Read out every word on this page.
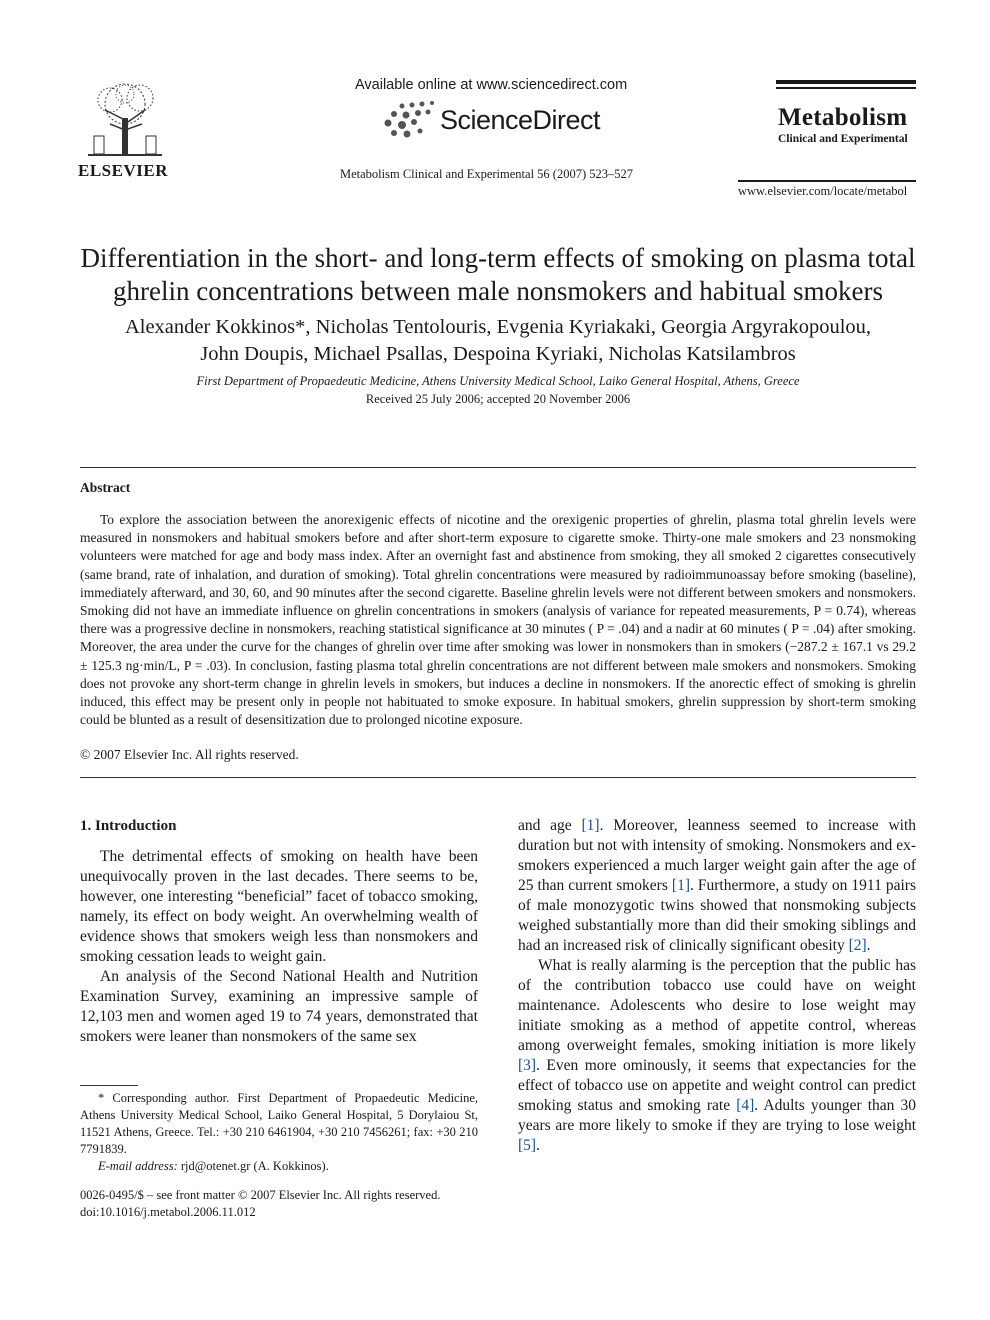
ELSEVIER
Available online at www.sciencedirect.com
ScienceDirect
Metabolism Clinical and Experimental 56 (2007) 523–527
Metabolism
Clinical and Experimental
www.elsevier.com/locate/metabol
Differentiation in the short- and long-term effects of smoking on plasma total ghrelin concentrations between male nonsmokers and habitual smokers
Alexander Kokkinos*, Nicholas Tentolouris, Evgenia Kyriakaki, Georgia Argyrakopoulou,
John Doupis, Michael Psallas, Despoina Kyriaki, Nicholas Katsilambros
First Department of Propaedeutic Medicine, Athens University Medical School, Laiko General Hospital, Athens, Greece
Received 25 July 2006; accepted 20 November 2006
Abstract

To explore the association between the anorexigenic effects of nicotine and the orexigenic properties of ghrelin, plasma total ghrelin levels were measured in nonsmokers and habitual smokers before and after short-term exposure to cigarette smoke. Thirty-one male smokers and 23 nonsmoking volunteers were matched for age and body mass index. After an overnight fast and abstinence from smoking, they all smoked 2 cigarettes consecutively (same brand, rate of inhalation, and duration of smoking). Total ghrelin concentrations were measured by radioimmunoassay before smoking (baseline), immediately afterward, and 30, 60, and 90 minutes after the second cigarette. Baseline ghrelin levels were not different between smokers and nonsmokers. Smoking did not have an immediate influence on ghrelin concentrations in smokers (analysis of variance for repeated measurements, P = 0.74), whereas there was a progressive decline in nonsmokers, reaching statistical significance at 30 minutes ( P = .04) and a nadir at 60 minutes ( P = .04) after smoking. Moreover, the area under the curve for the changes of ghrelin over time after smoking was lower in nonsmokers than in smokers (−287.2 ± 167.1 vs 29.2 ± 125.3 ng·min/L, P = .03). In conclusion, fasting plasma total ghrelin concentrations are not different between male smokers and nonsmokers. Smoking does not provoke any short-term change in ghrelin levels in smokers, but induces a decline in nonsmokers. If the anorectic effect of smoking is ghrelin induced, this effect may be present only in people not habituated to smoke exposure. In habitual smokers, ghrelin suppression by short-term smoking could be blunted as a result of desensitization due to prolonged nicotine exposure.

© 2007 Elsevier Inc. All rights reserved.
1. Introduction

The detrimental effects of smoking on health have been unequivocally proven in the last decades. There seems to be, however, one interesting “beneficial” facet of tobacco smoking, namely, its effect on body weight. An overwhelming wealth of evidence shows that smokers weigh less than nonsmokers and smoking cessation leads to weight gain.

An analysis of the Second National Health and Nutrition Examination Survey, examining an impressive sample of 12,103 men and women aged 19 to 74 years, demonstrated that smokers were leaner than nonsmokers of the same sex

* Corresponding author. First Department of Propaedeutic Medicine, Athens University Medical School, Laiko General Hospital, 5 Dorylaiou St, 11521 Athens, Greece. Tel.: +30 210 6461904, +30 210 7456261; fax: +30 210 7791839.

E-mail address: rjd@otenet.gr (A. Kokkinos).

0026-0495/$ – see front matter © 2007 Elsevier Inc. All rights reserved.
doi:10.1016/j.metabol.2006.11.012

and age [1]. Moreover, leanness seemed to increase with duration but not with intensity of smoking. Nonsmokers and ex-smokers experienced a much larger weight gain after the age of 25 than current smokers [1]. Furthermore, a study on 1911 pairs of male monozygotic twins showed that nonsmoking subjects weighed substantially more than did their smoking siblings and had an increased risk of clinically significant obesity [2].

What is really alarming is the perception that the public has of the contribution tobacco use could have on weight maintenance. Adolescents who desire to lose weight may initiate smoking as a method of appetite control, whereas among overweight females, smoking initiation is more likely [3]. Even more ominously, it seems that expectancies for the effect of tobacco use on appetite and weight control can predict smoking status and smoking rate [4]. Adults younger than 30 years are more likely to smoke if they are trying to lose weight [5].
